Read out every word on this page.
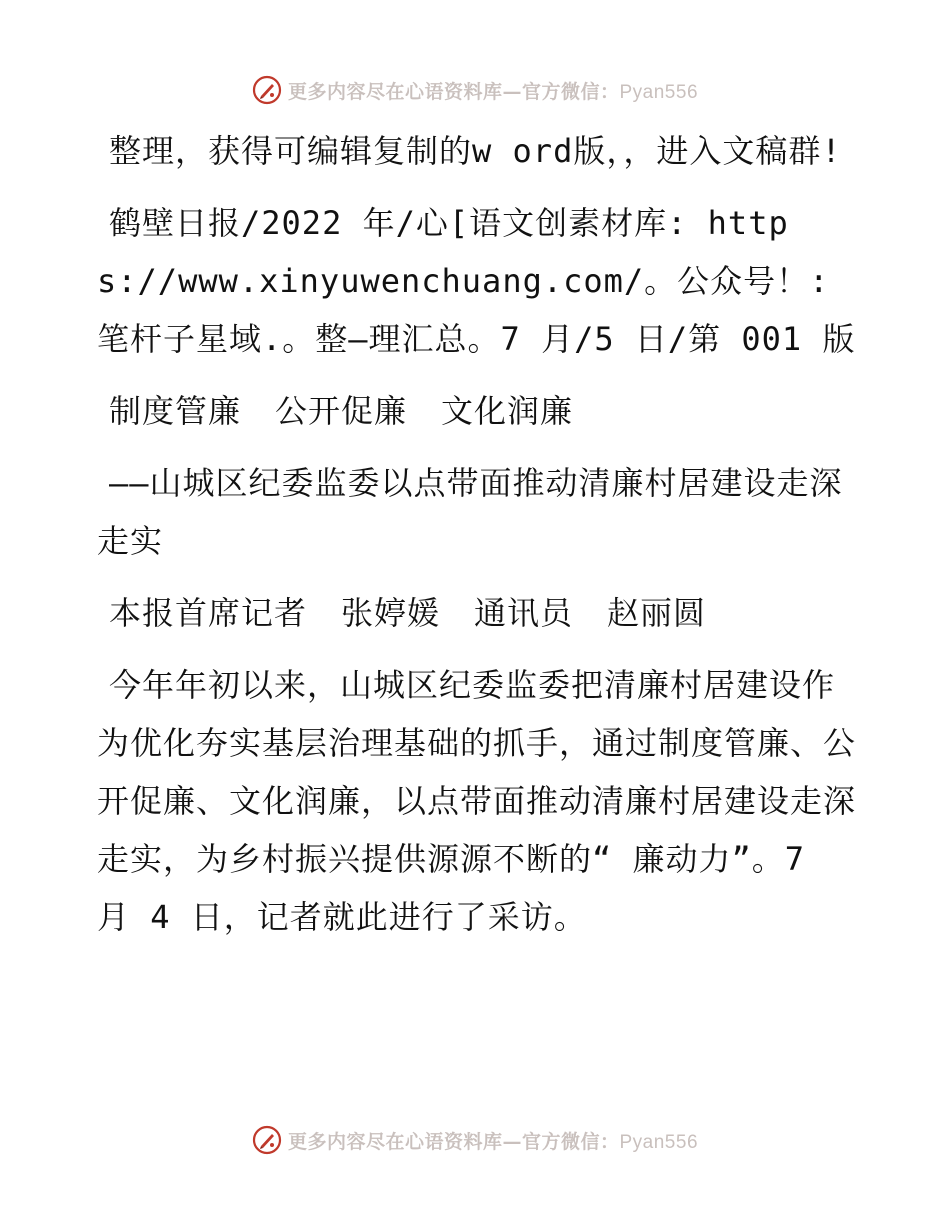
更多内容尽在心语资料库—官方微信：Pyan556

整理，获得可编辑复制的w ord版，，进入文稿群!

鹤壁日报/2022 年/心[语文创素材库: https://www.xinyuwenchuang.com/。公众号！: 笔杆子星域.。整—理汇总。7 月/5 日/第 001 版

制度管廉 公开促廉 文化润廉

——山城区纪委监委以点带面推动清廉村居建设走深走实

本报首席记者 张婷媛 通讯员 赵丽圆

今年年初以来，山城区纪委监委把清廉村居建设作为优化夯实基层治理基础的抓手，通过制度管廉、公开促廉、文化润廉，以点带面推动清廉村居建设走深走实，为乡村振兴提供源源不断的“ 廉动力”。7 月 4 日，记者就此进行了采访。

更多内容尽在心语资料库—官方微信：Pyan556
